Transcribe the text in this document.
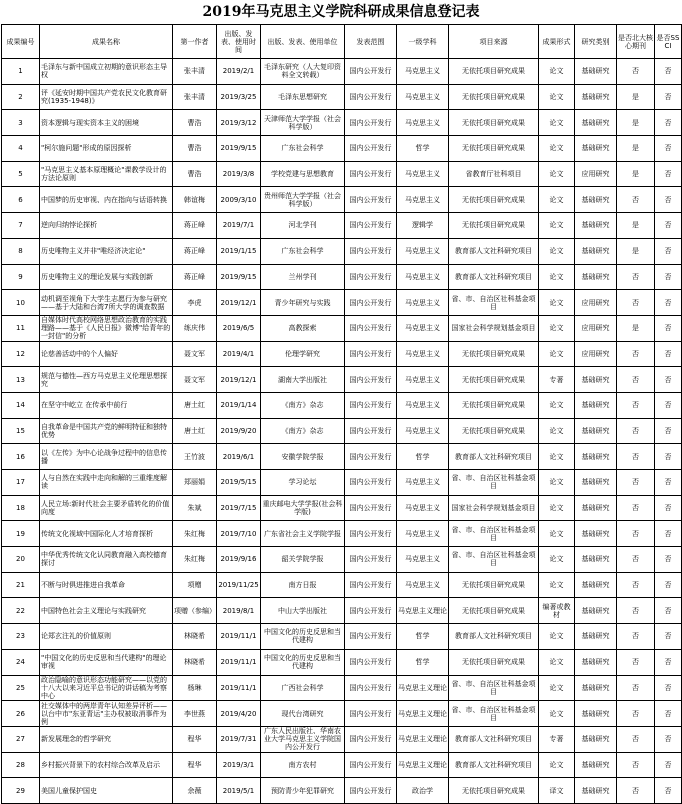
2019年马克思主义学院科研成果信息登记表
成果编号	成果名称	第一作者	出版、发表、使用时间	出版、发表、使用单位	发表范围	一级学科	项目来源	成果形式	研究类别	是否北大核心期刊	是否SSCI
1	毛泽东与新中国成立初期的意识形态主导权	张丰清	2019/2/1	毛泽东研究（人大复印资料全文转载）	国内公开发行	马克思主义	无依托项目研究成果	论文	基础研究	否	否
2	评《延安时期中国共产党农民文化教育研究(1935-1948)》	张丰清	2019/3/25	毛泽东思想研究	国内公开发行	马克思主义	无依托项目研究成果	论文	基础研究	是	否
3	资本逻辑与现实资本主义的困境	曹浩	2019/3/12	天津师范大学学报（社会科学版）	国内公开发行	马克思主义	无依托项目研究成果	论文	基础研究	是	否
4	"柯尔施问题"形成的原因探析	曹浩	2019/9/15	广东社会科学	国内公开发行	哲学	无依托项目研究成果	论文	基础研究	是	否
5	"马克思主义基本原理概论"课教学设计的方法论原则	曹浩	2019/3/8	学校党建与思想教育	国内公开发行	马克思主义	省教育厅社科项目	论文	应用研究	是	否
6	中国梦的历史审视、内在指向与话语转换	韩谊梅	2009/3/10	贵州师范大学学报（社会科学版）	国内公开发行	马克思主义	无依托项目研究成果	论文	基础研究	否	否
7	逆向归纳悖论探析	蒋正峰	2019/7/1	河北学刊	国内公开发行	逻辑学	无依托项目研究成果	论文	基础研究	是	否
8	历史唯物主义并非"唯经济决定论"	蒋正峰	2019/1/15	广东社会科学	国内公开发行	马克思主义	教育部人文社科研究项目	论文	基础研究	是	否
9	历史唯物主义的理论发展与实践创新	蒋正峰	2019/9/15	兰州学刊	国内公开发行	马克思主义	教育部人文社科研究项目	论文	基础研究	否	否
10	动机调至视角下大学生志愿行为参与研究——基于大陆和台湾7所大学的调查数据	李虎	2019/12/1	青少年研究与实践	国内公开发行	马克思主义	省、市、自治区社科基金项目	论文	应用研究	否	否
11	自媒体时代高校网络思想政治教育的实践理路——基于《人民日报》微博"给青年的一封信"的分析	练庆伟	2019/6/5	高教探索	国内公开发行	马克思主义	国家社会科学规划基金项目	论文	应用研究	是	否
12	论慈善活动中的个人偏好	聂文军	2019/4/1	伦理学研究	国内公开发行	马克思主义	无依托项目研究成果	论文	应用研究	否	否
13	规范与德性—西方马克思主义伦理思想探究	聂文军	2019/12/1	湖南大学出版社	国内公开发行	马克思主义	无依托项目研究成果	专著	基础研究	否	否
14	在坚守中屹立 在传承中前行	唐土红	2019/1/14	《南方》杂志	国内公开发行	马克思主义	无依托项目研究成果	论文	基础研究	否	否
15	自我革命是中国共产党的鲜明特征和独特优势	唐土红	2019/9/20	《南方》杂志	国内公开发行	马克思主义	无依托项目研究成果	论文	基础研究	否	否
16	以《左传》为中心论战争过程中的信息传播	王竹波	2019/6/1	安徽学院学报	国内公开发行	哲学	教育部人文社科研究项目	论文	基础研究	否	否
17	人与自然在实践中走向和解的三重维度解读	郑丽娟	2019/5/15	学习论坛	国内公开发行	马克思主义	省、市、自治区社科基金项目	论文	基础研究	否	否
18	人民立场:新时代社会主要矛盾转化的价值向度	朱斌	2019/7/15	重庆邮电大学学报(社会科学版)	国内公开发行	马克思主义	国家社会科学规划基金项目	论文	基础研究	否	否
19	传统文化视域中国际化人才培育探析	朱红梅	2019/7/10	广东省社会主义学院学报	国内公开发行	马克思主义	省、市、自治区社科基金项目	论文	基础研究	否	否
20	中华优秀传统文化认同教育融入高校德育探讨	朱红梅	2019/9/16	韶关学院学报	国内公开发行	马克思主义	省、市、自治区社科基金项目	论文	基础研究	否	否
21	不断与时俱进推进自我革命	项赠	2019/11/25	南方日报	国内公开发行	马克思主义	无依托项目研究成果	论文	基础研究	否	否
22	中国特色社会主义理论与实践研究	项赠（参编）	2019/8/1	中山大学出版社	国内公开发行	马克思主义理论	无依托项目研究成果	编著或教材	基础研究	否	否
23	论郑玄注礼的价值原则	林晓希	2019/11/1	中国文化的历史反思和当代建构	国内公开发行	哲学	教育部人文社科研究项目	论文	基础研究	否	否
24	"中国文化的历史反思和当代建构"的理论审视	林晓希	2019/11/1	中国文化的历史反思和当代建构	国内公开发行	哲学	无依托项目研究成果	论文	基础研究	否	否
25	政治隐喻的意识形态功能研究——以党的十八大以来习近平总书记的讲话稿为考察中心	杨琳	2019/11/1	广西社会科学	国内公开发行	马克思主义理论	省、市、自治区社科基金项目	论文	基础研究	否	否
26	社交媒体中的两岸青年认知差异评析——以台中市"东亚青运"主办权被取消事件为例	李世燕	2019/4/20	现代台湾研究	国内公开发行	马克思主义理论	省、市、自治区社科基金项目	论文	基础研究	否	否
27	新发展理念的哲学研究	程华	2019/7/31	广东人民出版社、华南农业大学马克思主义学院国内公开发行	国内公开发行	马克思主义理论	教育部人文社科研究项目	专著	基础研究	否	否
28	乡村振兴背景下的农村综合改革及启示	程华	2019/3/1	南方农村	国内公开发行	马克思主义理论	教育部人文社科研究项目	论文	基础研究	否	否
29	美国儿童保护国史	余薇	2019/5/1	预防青少年犯罪研究	国内公开发行	政治学	无依托项目研究成果	译文	基础研究	否	否
